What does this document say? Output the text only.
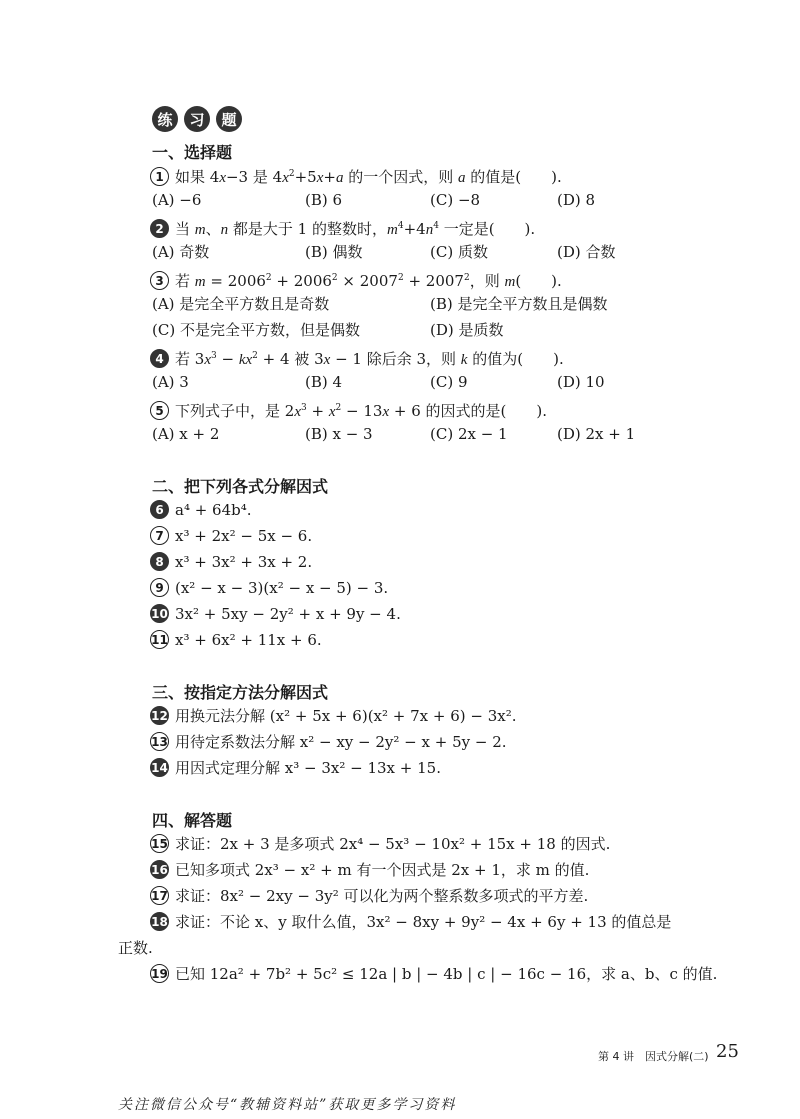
练	习	题
一、选择题
1 如果 4x−3 是 $4x^2+5x+a$ 的一个因式，则 a 的值是(　　).
(A) −6	(B) 6	(C) −8	(D) 8
2 当 m、n 都是大于 1 的整数时，$m^4+4n^4$ 一定是(　　).
(A) 奇数	(B) 偶数	(C) 质数	(D) 合数
3 若 $m = 2006^2 + 2006^2 \times 2007^2 + 2007^2$，则 m(　　).
(A) 是完全平方数且是奇数	(B) 是完全平方数且是偶数
(C) 不是完全平方数，但是偶数	(D) 是质数
4 若 $3x^3 - kx^2 + 4$ 被 3x − 1 除后余 3，则 k 的值为(　　).
(A) 3	(B) 4	(C) 9	(D) 10
5 下列式子中，是 $2x^3 + x^2 - 13x + 6$ 的因式的是(　　).
(A) x + 2	(B) x − 3	(C) 2x − 1	(D) 2x + 1
二、把下列各式分解因式
6 a⁴ + 64b⁴.
7 x³ + 2x² − 5x − 6.
8 x³ + 3x² + 3x + 2.
9 (x² − x − 3)(x² − x − 5) − 3.
10 3x² + 5xy − 2y² + x + 9y − 4.
11 x³ + 6x² + 11x + 6.
三、按指定方法分解因式
12 用换元法分解 (x² + 5x + 6)(x² + 7x + 6) − 3x².
13 用待定系数法分解 x² − xy − 2y² − x + 5y − 2.
14 用因式定理分解 x³ − 3x² − 13x + 15.
四、解答题
15 求证：2x + 3 是多项式 2x⁴ − 5x³ − 10x² + 15x + 18 的因式.
16 已知多项式 2x³ − x² + m 有一个因式是 2x + 1，求 m 的值.
17 求证：8x² − 2xy − 3y² 可以化为两个整系数多项式的平方差.
18 求证：不论 x、y 取什么值，3x² − 8xy + 9y² − 4x + 6y + 13 的值总是
正数.
19 已知 12a² + 7b² + 5c² ≤ 12a | b | − 4b | c | − 16c − 16，求 a、b、c 的值.
第 4 讲　因式分解(二) 25
关注微信公众号“教辅资料站”获取更多学习资料
